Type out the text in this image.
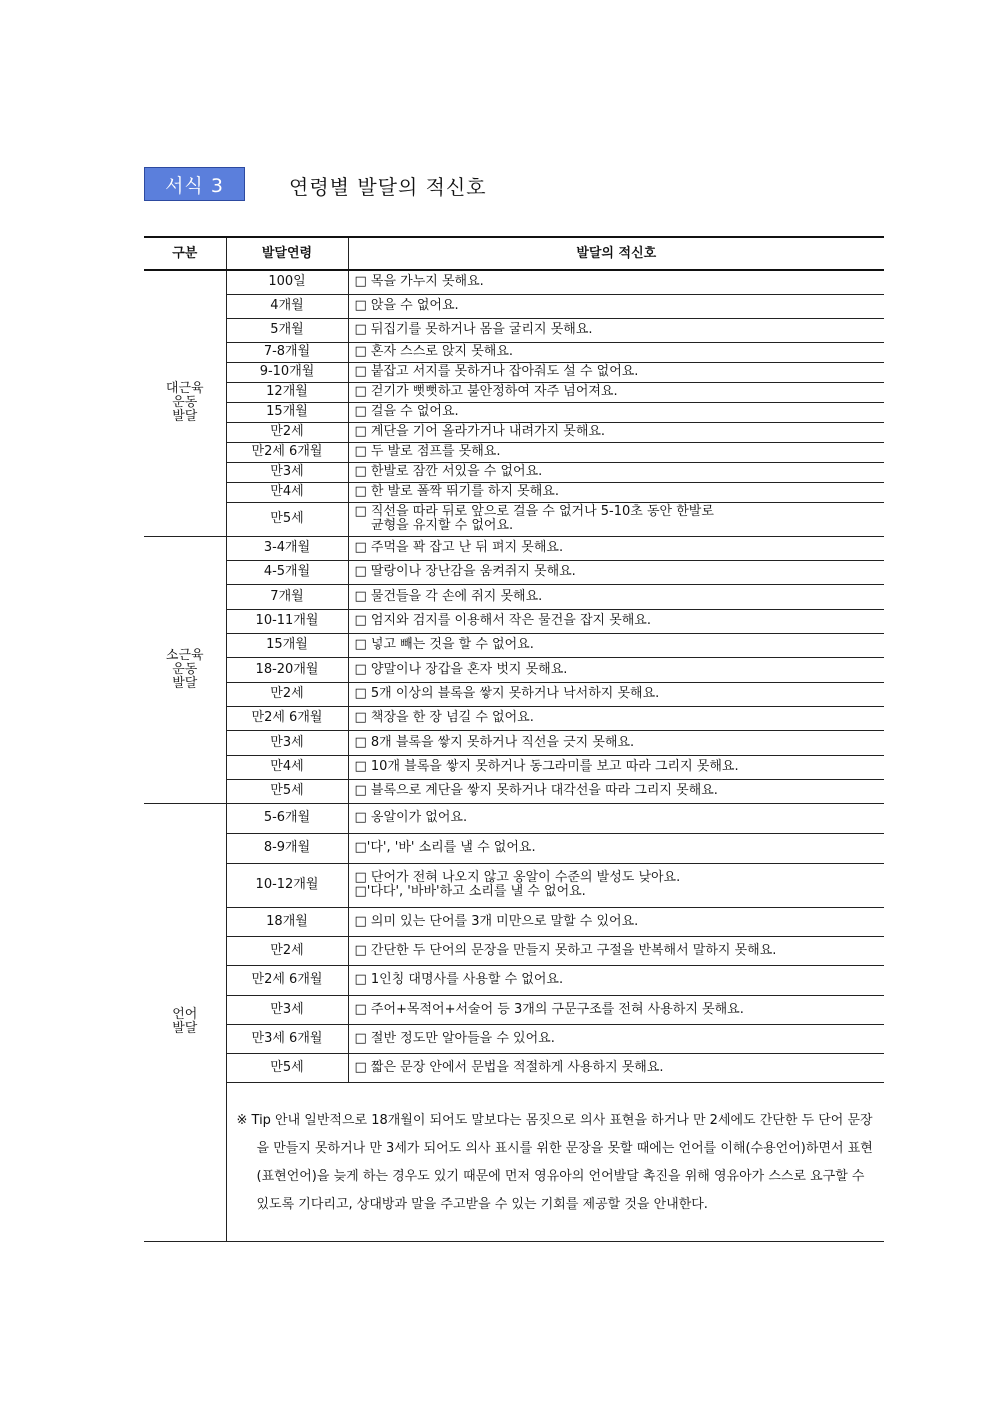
서식 3	연령별 발달의 적신호
구분	발달연령	발달의 적신호

대근육
운동
발달	100일	□ 목을 가누지 못해요.

	4개월	□ 앉을 수 없어요.

	5개월	□ 뒤집기를 못하거나 몸을 굴리지 못해요.

	7-8개월	□ 혼자 스스로 앉지 못해요.

	9-10개월	□ 붙잡고 서지를 못하거나 잡아줘도 설 수 없어요.

	12개월	□ 걷기가 뻣뻣하고 불안정하여 자주 넘어져요.

	15개월	□ 걸을 수 없어요.

	만2세	□ 계단을 기어 올라가거나 내려가지 못해요.

	만2세 6개월	□ 두 발로 점프를 못해요.

	만3세	□ 한발로 잠깐 서있을 수 없어요.

	만4세	□ 한 발로 폴짝 뛰기를 하지 못해요.

	만5세	□ 직선을 따라 뒤로 앞으로 걸을 수 없거나 5-10초 동안 한발로
균형을 유지할 수 없어요.

소근육
운동
발달	3-4개월	□ 주먹을 꽉 잡고 난 뒤 펴지 못해요.

	4-5개월	□ 딸랑이나 장난감을 움켜쥐지 못해요.

	7개월	□ 물건들을 각 손에 쥐지 못해요.

	10-11개월	□ 엄지와 검지를 이용해서 작은 물건을 잡지 못해요.

	15개월	□ 넣고 빼는 것을 할 수 없어요.

	18-20개월	□ 양말이나 장갑을 혼자 벗지 못해요.

	만2세	□ 5개 이상의 블록을 쌓지 못하거나 낙서하지 못해요.

	만2세 6개월	□ 책장을 한 장 넘길 수 없어요.

	만3세	□ 8개 블록을 쌓지 못하거나 직선을 긋지 못해요.

	만4세	□ 10개 블록을 쌓지 못하거나 동그라미를 보고 따라 그리지 못해요.

	만5세	□ 블록으로 계단을 쌓지 못하거나 대각선을 따라 그리지 못해요.

언어
발달	5-6개월	□ 옹알이가 없어요.

	8-9개월	□'다', '바' 소리를 낼 수 없어요.

	10-12개월	□ 단어가 전혀 나오지 않고 옹알이 수준의 발성도 낮아요.
□'다다', '바바'하고 소리를 낼 수 없어요.

	18개월	□ 의미 있는 단어를 3개 미만으로 말할 수 있어요.

	만2세	□ 간단한 두 단어의 문장을 만들지 못하고 구절을 반복해서 말하지 못해요.

	만2세 6개월	□ 1인칭 대명사를 사용할 수 없어요.

	만3세	□ 주어+목적어+서술어 등 3개의 구문구조를 전혀 사용하지 못해요.

	만3세 6개월	□ 절반 정도만 알아들을 수 있어요.

	만5세	□ 짧은 문장 안에서 문법을 적절하게 사용하지 못해요.

	※ Tip 안내 일반적으로 18개월이 되어도 말보다는 몸짓으로 의사 표현을 하거나 만 2세에도 간단한 두 단어 문장을 만들지 못하거나 만 3세가 되어도 의사 표시를 위한 문장을 못할 때에는 언어를 이해(수용언어)하면서 표현(표현언어)을 늦게 하는 경우도 있기 때문에 먼저 영유아의 언어발달 촉진을 위해 영유아가 스스로 요구할 수 있도록 기다리고, 상대방과 말을 주고받을 수 있는 기회를 제공할 것을 안내한다.	
